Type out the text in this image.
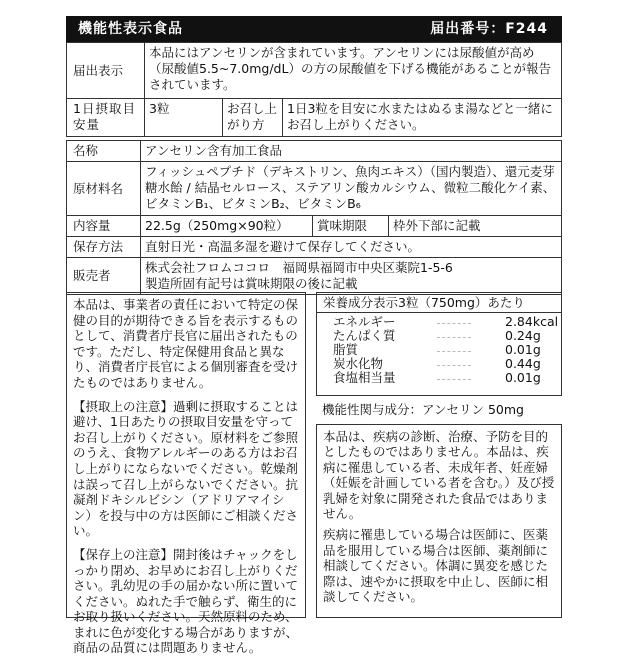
機能性表示食品	届出番号：F244
届出表示	本品にはアンセリンが含まれています。アンセリンには尿酸値が高め（尿酸値5.5~7.0mg/dL）の方の尿酸値を下げる機能があることが報告されています。		
1日摂取目安量	3粒	お召し上がり方	1日3粒を目安に水またはぬるま湯などと一緒にお召し上がりください。
名称	アンセリン含有加工食品		
原材料名	フィッシュペプチド（デキストリン、魚肉エキス）（国内製造）、還元麦芽糖水飴 / 結晶セルロース、ステアリン酸カルシウム、微粒二酸化ケイ素、ビタミンB₁、ビタミンB₂、ビタミンB₆		
内容量	22.5g（250mg×90粒）	賞味期限	枠外下部に記載
保存方法	直射日光・高温多湿を避けて保存してください。		
販売者	株式会社フロムココロ　福岡県福岡市中央区薬院1-5-6
製造所固有記号は賞味期限の後に記載		

本品は、事業者の責任において特定の保健の目的が期待できる旨を表示するものとして、消費者庁長官に届出されたものです。ただし、特定保健用食品と異なり、消費者庁長官による個別審査を受けたものではありません。

【摂取上の注意】過剰に摂取することは避け、1日あたりの摂取目安量を守ってお召し上がりください。原材料をご参照のうえ、食物アレルギーのある方はお召し上がりにならないでください。乾燥剤は誤って召し上がらないでください。抗凝剤ドキシルビシン（アドリアマイシン）を投与中の方は医師にご相談ください。

【保存上の注意】開封後はチャックをしっかり閉め、お早めにお召し上がりください。乳幼児の手の届かない所に置いてください。ぬれた手で触らず、衛生的にお取り扱いください。天然原料のため、まれに色が変化する場合がありますが、商品の品質には問題ありません。

栄養成分表示3粒（750mg）あたり
エネルギー	2.84kcal
たんぱく質	0.24g
脂質	0.01g
炭水化物	0.44g
食塩相当量	0.01g
機能性関与成分：アンセリン 50mg

本品は、疾病の診断、治療、予防を目的としたものではありません。本品は、疾病に罹患している者、未成年者、妊産婦（妊娠を計画している者を含む。）及び授乳婦を対象に開発された食品ではありません。

疾病に罹患している場合は医師に、医薬品を服用している場合は医師、薬剤師に相談してください。体調に異変を感じた際は、速やかに摂取を中止し、医師に相談してください。
